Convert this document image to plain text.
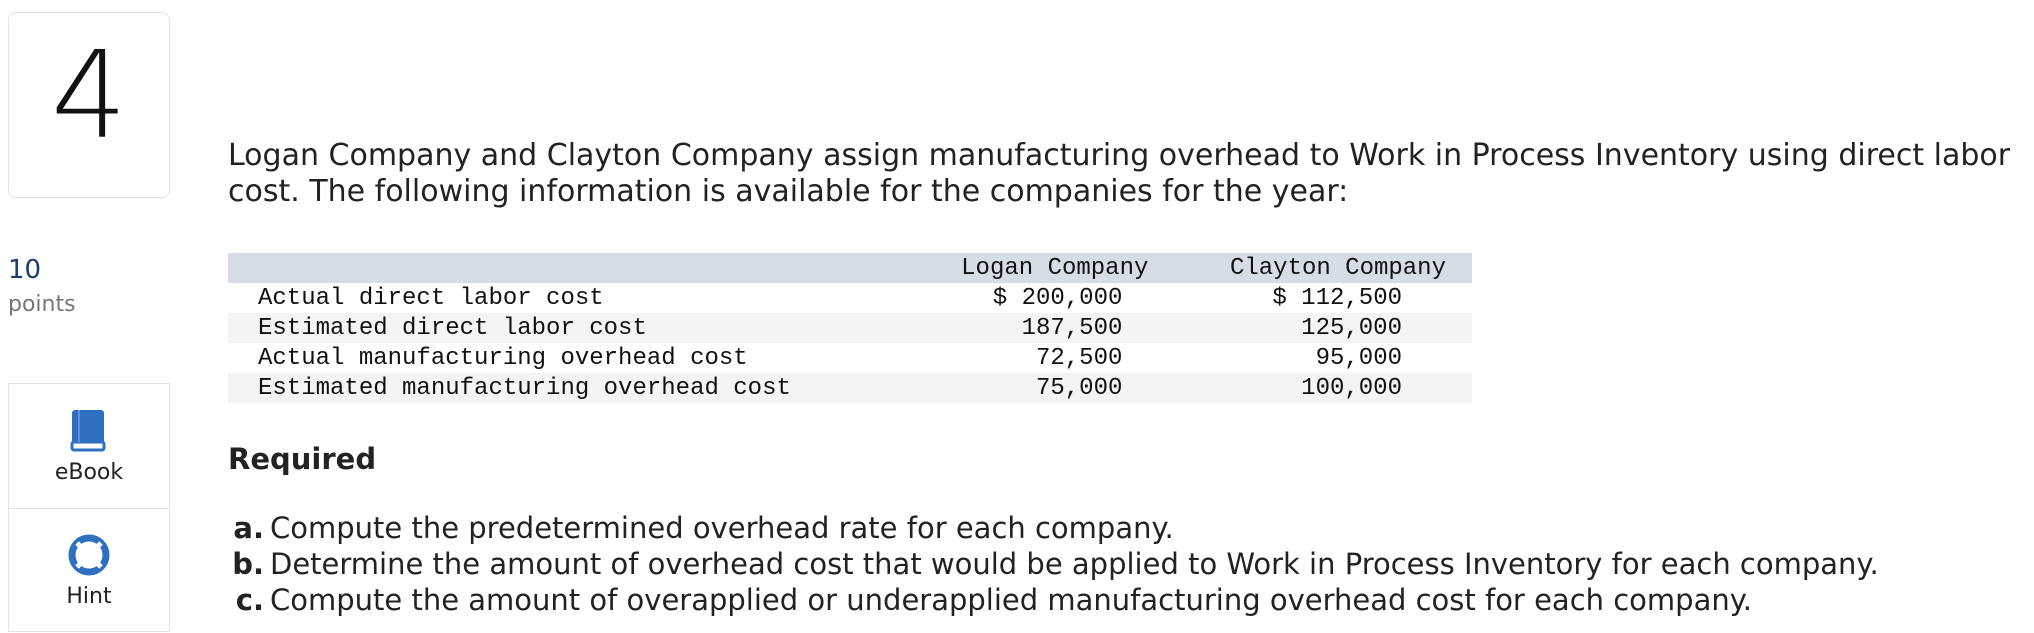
4
10
points
eBook
Hint
Logan Company and Clayton Company assign manufacturing overhead to Work in Process Inventory using direct labor cost. The following information is available for the companies for the year:
	Logan Company	Clayton Company
Actual direct labor cost	$ 200,000	$ 112,500
Estimated direct labor cost	187,500	125,000
Actual manufacturing overhead cost	72,500	95,000
Estimated manufacturing overhead cost	75,000	100,000
Required
a. Compute the predetermined overhead rate for each company.
b. Determine the amount of overhead cost that would be applied to Work in Process Inventory for each company.
c. Compute the amount of overapplied or underapplied manufacturing overhead cost for each company.
